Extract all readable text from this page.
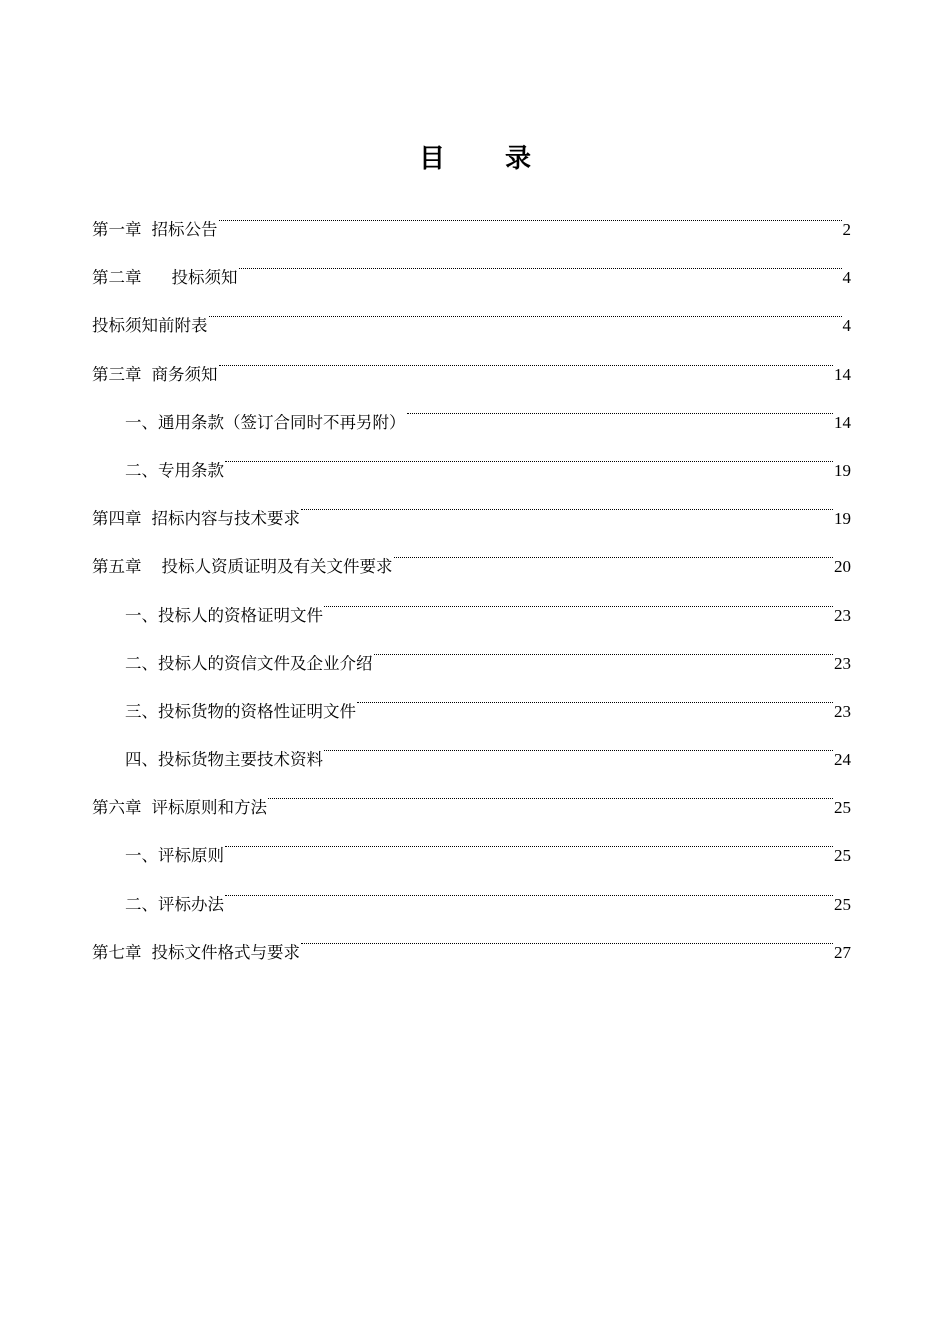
目 录
第一章 招标公告	2
第二章 投标须知	4
投标须知前附表	4
第三章 商务须知	14
一、通用条款（签订合同时不再另附）	14
二、专用条款	19
第四章 招标内容与技术要求	19
第五章 投标人资质证明及有关文件要求	20
一、投标人的资格证明文件	23
二、投标人的资信文件及企业介绍	23
三、投标货物的资格性证明文件	23
四、投标货物主要技术资料	24
第六章 评标原则和方法	25
一、评标原则	25
二、评标办法	25
第七章 投标文件格式与要求	27
